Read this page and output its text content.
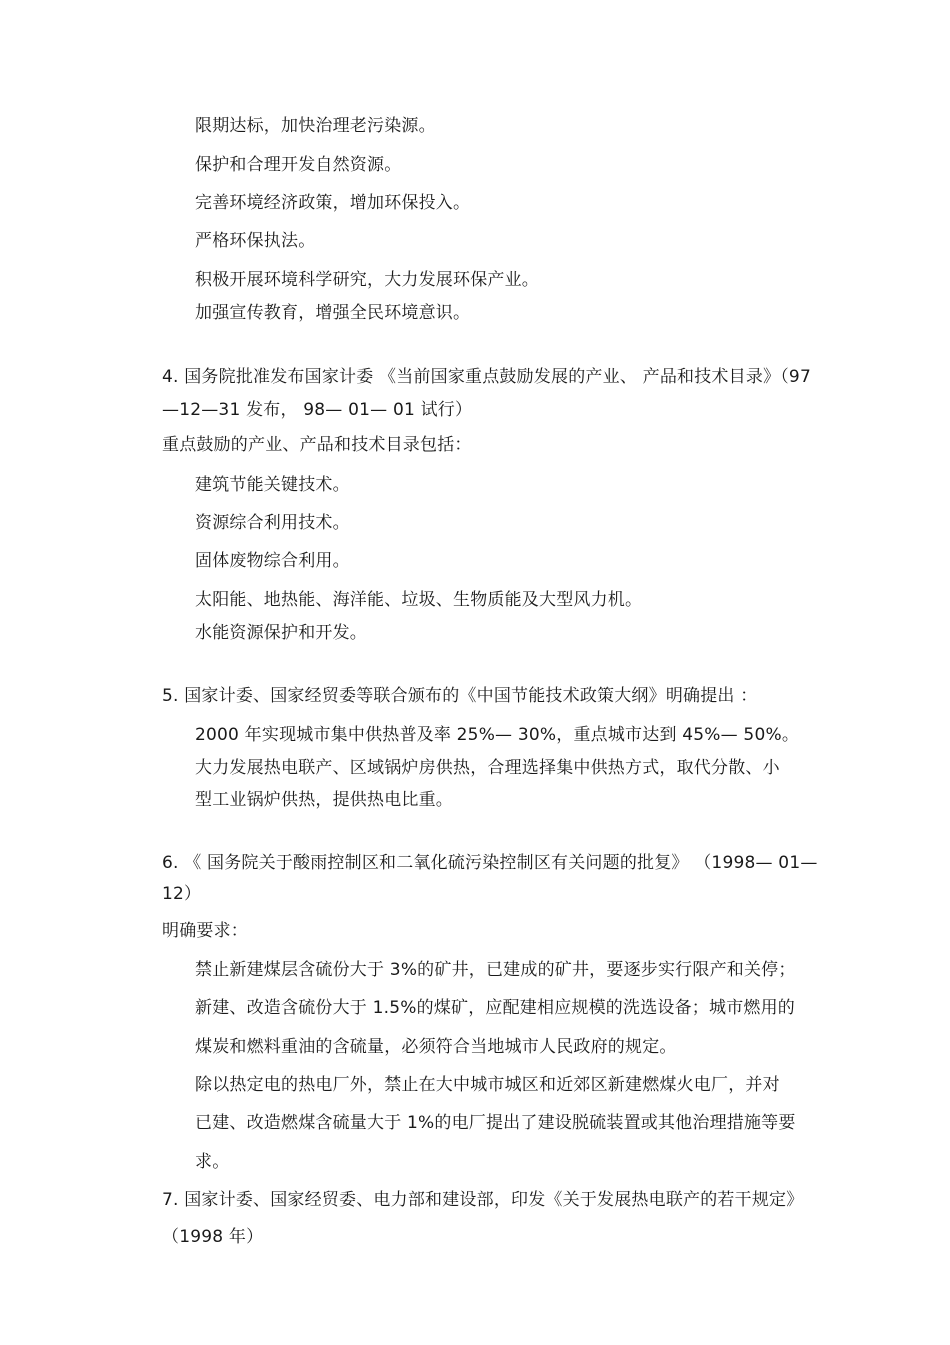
限期达标，加快治理老污染源。
保护和合理开发自然资源。
完善环境经济政策，增加环保投入。
严格环保执法。
积极开展环境科学研究，大力发展环保产业。
加强宣传教育，增强全民环境意识。
4. 国务院批准发布国家计委 《当前国家重点鼓励发展的产业、 产品和技术目录》（97
—12—31 发布， 98— 01— 01 试行）
重点鼓励的产业、产品和技术目录包括：
建筑节能关键技术。
资源综合利用技术。
固体废物综合利用。
太阳能、地热能、海洋能、垃圾、生物质能及大型风力机。
水能资源保护和开发。
5. 国家计委、国家经贸委等联合颁布的《中国节能技术政策大纲》明确提出 ：
2000 年实现城市集中供热普及率 25%— 30%，重点城市达到 45%— 50%。
大力发展热电联产、区域锅炉房供热，合理选择集中供热方式，取代分散、小
型工业锅炉供热，提供热电比重。
6. 《 国务院关于酸雨控制区和二氧化硫污染控制区有关问题的批复》 （1998— 01—
12）
明确要求：
禁止新建煤层含硫份大于 3%的矿井，已建成的矿井，要逐步实行限产和关停；
新建、改造含硫份大于 1.5%的煤矿，应配建相应规模的洗选设备；城市燃用的
煤炭和燃料重油的含硫量，必须符合当地城市人民政府的规定。
除以热定电的热电厂外，禁止在大中城市城区和近郊区新建燃煤火电厂，并对
已建、改造燃煤含硫量大于 1%的电厂提出了建设脱硫装置或其他治理措施等要
求。
7. 国家计委、国家经贸委、电力部和建设部，印发《关于发展热电联产的若干规定》
（1998 年）
